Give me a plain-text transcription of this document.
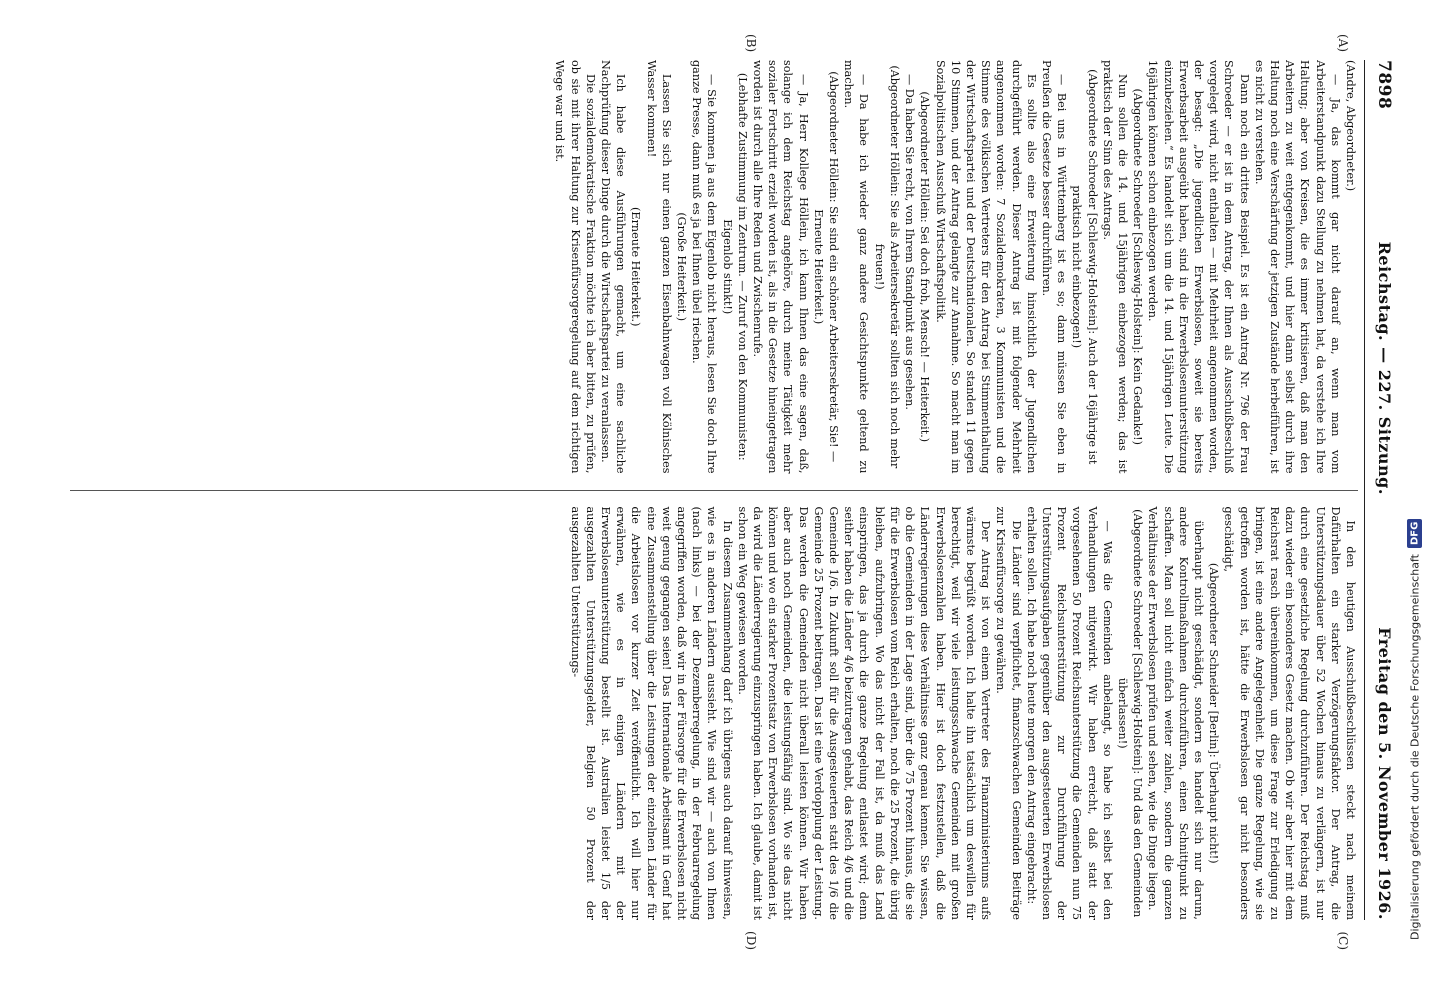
7898
Reichstag. — 227. Sitzung.
Freitag den 5. November 1926.
(A)
(B)

(Andre, Abgeordneter.)

— Ja, das kommt gar nicht darauf an, wenn man vom Arbeiterstandpunkt dazu Stellung zu nehmen hat, da verstehe ich Ihre Haltung; aber von Kreisen, die es immer kritisieren, daß man den Arbeitern zu weit entgegenkommt, und hier dann selbst durch ihre Haltung noch eine Verschärfung der jetzigen Zustände herbeiführen, ist es nicht zu verstehen.

Dann noch ein drittes Beispiel. Es ist ein Antrag Nr. 796 der Frau Schroeder — er ist in dem Antrag, der Ihnen als Ausschußbeschluß vorgelegt wird, nicht enthalten — mit Mehrheit angenommen worden, der besagt: „Die jugendlichen Erwerbslosen, soweit sie bereits Erwerbsarbeit ausgeübt haben, sind in die Erwerbslosenunterstützung einzubeziehen.“ Es handelt sich um die 14. und 15jährigen Leute. Die 16jährigen können schon einbezogen werden.

(Abgeordnete Schroeder [Schleswig-Holstein]: Kein Gedanke!)

Nun sollen die 14. und 15jährigen einbezogen werden; das ist praktisch der Sinn des Antrags.

(Abgeordnete Schroeder [Schleswig-Holstein]: Auch der 16jährige ist praktisch nicht einbezogen!)

— Bei uns in Württemberg ist es so; dann müssen Sie eben in Preußen die Gesetze besser durchführen.

Es sollte also eine Erweiterung hinsichtlich der Jugendlichen durchgeführt werden. Dieser Antrag ist mit folgender Mehrheit angenommen worden: 7 Sozialdemokraten, 3 Kommunisten und die Stimme des völkischen Vertreters für den Antrag bei Stimmenthaltung der Wirtschaftspartei und der Deutschnationalen. So standen 11 gegen 10 Stimmen, und der Antrag gelangte zur Annahme. So macht man im Sozialpolitischen Ausschuß Wirtschaftspolitik.

(Abgeordneter Höllein: Sei doch froh, Mensch! — Heiterkeit.)

— Da haben Sie recht, von Ihrem Standpunkt aus gesehen.

(Abgeordneter Höllein: Sie als Arbeitersekretär sollten sich noch mehr freuen!)

— Da habe ich wieder ganz andere Gesichtspunkte geltend zu machen.

(Abgeordneter Höllein: Sie sind ein schöner Arbeitersekretär, Sie! — Erneute Heiterkeit.)

— Ja, Herr Kollege Höllein, ich kann Ihnen das eine sagen, daß, solange ich dem Reichstag angehöre, durch meine Tätigkeit mehr sozialer Fortschritt erzielt worden ist, als in die Gesetze hineingetragen worden ist durch alle Ihre Reden und Zwischenrufe.

(Lebhafte Zustimmung im Zentrum. — Zuruf von den Kommunisten: Eigenlob stinkt!)

— Sie kommen ja aus dem Eigenlob nicht heraus, lesen Sie doch Ihre ganze Presse, dann muß es ja bei Ihnen übel riechen.

(Große Heiterkeit.)

Lassen Sie sich nur einen ganzen Eisenbahnwagen voll Kölnisches Wasser kommen!

(Erneute Heiterkeit.)

Ich habe diese Ausführungen gemacht, um eine sachliche Nachprüfung dieser Dinge durch die Wirtschaftspartei zu veranlassen.

Die sozialdemokratische Fraktion möchte ich aber bitten, zu prüfen, ob sie mit ihrer Haltung zur Krisenfürsorgeregelung auf dem richtigen Wege war und ist.

(C)
(D)

In den heutigen Ausschußbeschlüssen steckt nach meinem Dafürhalten ein starker Verzögerungsfaktor. Der Antrag, die Unterstützungsdauer über 52 Wochen hinaus zu verlängern, ist nur durch eine gesetzliche Regelung durchzuführen. Der Reichstag muß dazu wieder ein besonderes Gesetz machen. Ob wir aber hier mit dem Reichsrat rasch übereinkommen, um diese Frage zur Erledigung zu bringen, ist eine andere Angelegenheit. Die ganze Regelung, wie sie getroffen worden ist, hätte die Erwerbslosen gar nicht besonders geschädigt,

(Abgeordneter Schneider [Berlin]: Überhaupt nicht!)

überhaupt nicht geschädigt, sondern es handelt sich nur darum, andere Kontrollmaßnahmen durchzuführen, einen Schnittpunkt zu schaffen. Man soll nicht einfach weiter zahlen, sondern die ganzen Verhältnisse der Erwerbslosen prüfen und sehen, wie die Dinge liegen.

(Abgeordnete Schroeder [Schleswig-Holstein]: Und das den Gemeinden überlassen!)

— Was die Gemeinden anbelangt, so habe ich selbst bei den Verhandlungen mitgewirkt. Wir haben erreicht, daß statt der vorgesehenen 50 Prozent Reichsunterstützung die Gemeinden nun 75 Prozent Reichsunterstützung zur Durchführung der Unterstützungsaufgaben gegenüber den ausgesteuerten Erwerbslosen erhalten sollen. Ich habe noch heute morgen den Antrag eingebracht:

Die Länder sind verpflichtet, finanzschwachen Gemeinden Beiträge zur Krisenfürsorge zu gewähren.

Der Antrag ist von einem Vertreter des Finanzministeriums aufs wärmste begrüßt worden. Ich halte ihn tatsächlich um deswillen für berechtigt, weil wir viele leistungsschwache Gemeinden mit großen Erwerbslosenzahlen haben. Hier ist doch festzustellen, daß die Länderregierungen diese Verhältnisse ganz genau kennen. Sie wissen, ob die Gemeinden in der Lage sind, über die 75 Prozent hinaus, die sie für die Erwerbslosen vom Reich erhalten, noch die 25 Prozent, die übrig bleiben, aufzubringen. Wo das nicht der Fall ist, da muß das Land einspringen, das ja durch die ganze Regelung entlastet wird; denn seither haben die Länder 4/6 beizutragen gehabt, das Reich 4/6 und die Gemeinde 1/6. In Zukunft soll für die Ausgesteuerten statt des 1/6 die Gemeinde 25 Prozent beitragen. Das ist eine Verdopplung der Leistung. Das werden die Gemeinden nicht überall leisten können. Wir haben aber auch noch Gemeinden, die leistungsfähig sind. Wo sie das nicht können und wo ein starker Prozentsatz von Erwerbslosen vorhanden ist, da wird die Länderregierung einzuspringen haben. Ich glaube, damit ist schon ein Weg gewiesen worden.

In diesem Zusammenhang darf ich übrigens auch darauf hinweisen, wie es in anderen Ländern aussieht. Wie sind wir — auch von Ihnen (nach links) — bei der Dezemberregelung, in der Februarregelung angegriffen worden, daß wir in der Fürsorge für die Erwerbslosen nicht weit genug gegangen seien! Das Internationale Arbeitsamt in Genf hat eine Zusammenstellung über die Leistungen der einzelnen Länder für die Arbeitslosen vor kurzer Zeit veröffentlicht. Ich will hier nur erwähnen, wie es in einigen Ländern mit der Erwerbslosenunterstützung bestellt ist. Australien leistet 1/5 der ausgezahlten Unterstützungsgelder, Belgien 50 Prozent der ausgezahlten Unterstützungs-	Digitalisierung gefördert durch die Deutsche Forschungsgemeinschaft
DFG
